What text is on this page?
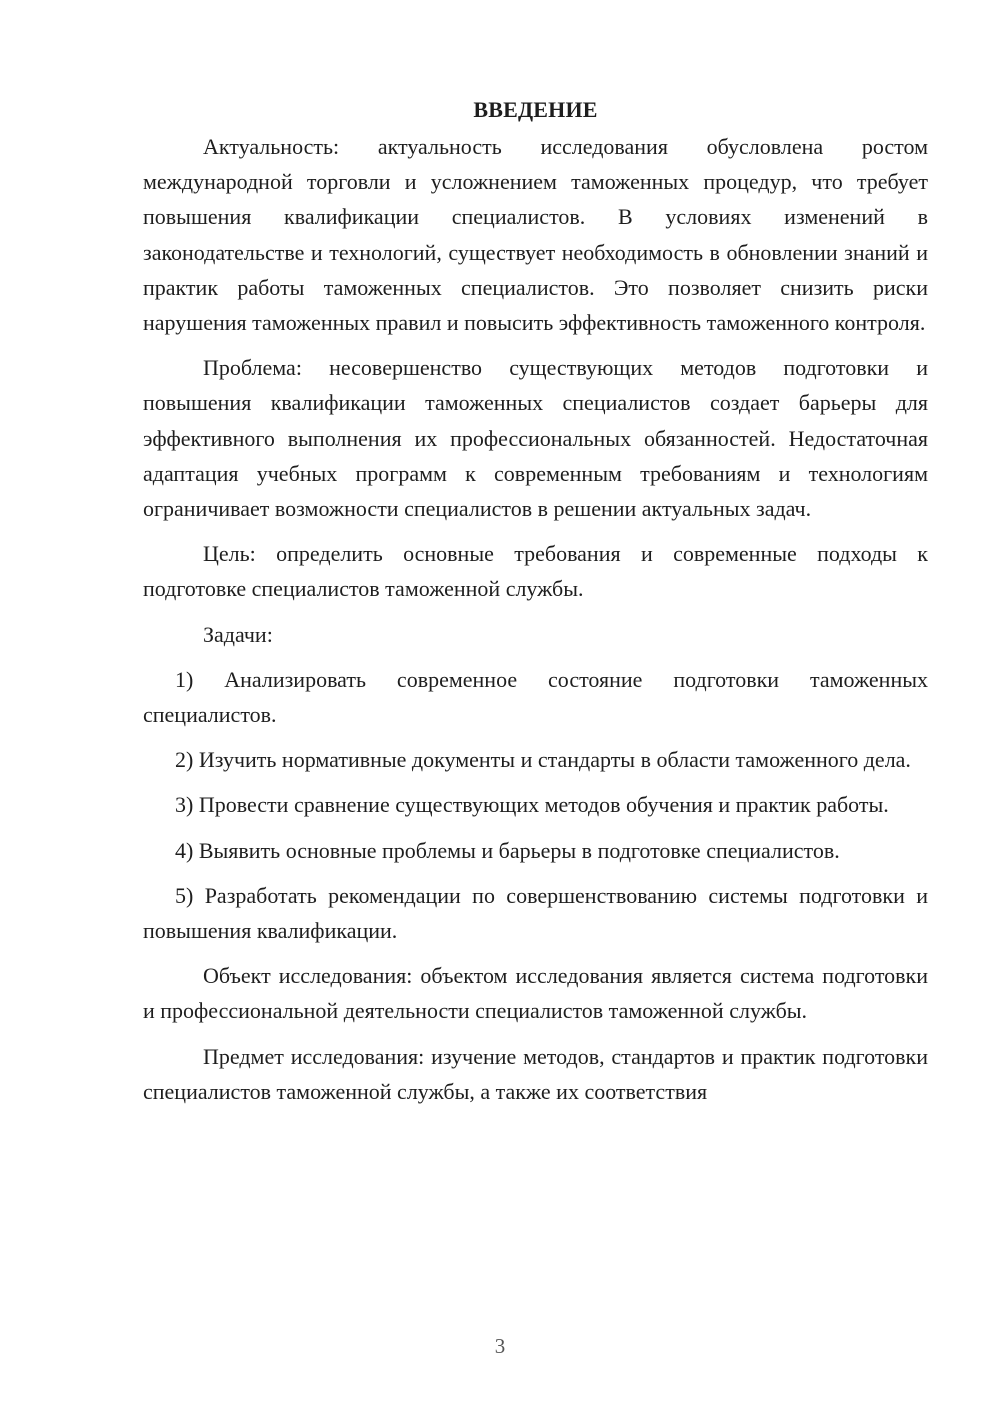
ВВЕДЕНИЕ

Актуальность: актуальность исследования обусловлена ростом международной торговли и усложнением таможенных процедур, что требует повышения квалификации специалистов. В условиях изменений в законодательстве и технологий, существует необходимость в обновлении знаний и практик работы таможенных специалистов. Это позволяет снизить риски нарушения таможенных правил и повысить эффективность таможенного контроля.

Проблема: несовершенство существующих методов подготовки и повышения квалификации таможенных специалистов создает барьеры для эффективного выполнения их профессиональных обязанностей. Недостаточная адаптация учебных программ к современным требованиям и технологиям ограничивает возможности специалистов в решении актуальных задач.

Цель: определить основные требования и современные подходы к подготовке специалистов таможенной службы.

Задачи:

1) Анализировать современное состояние подготовки таможенных специалистов.

2) Изучить нормативные документы и стандарты в области таможенного дела.

3) Провести сравнение существующих методов обучения и практик работы.

4) Выявить основные проблемы и барьеры в подготовке специалистов.

5) Разработать рекомендации по совершенствованию системы подготовки и повышения квалификации.

Объект исследования: объектом исследования является система подготовки и профессиональной деятельности специалистов таможенной службы.

Предмет исследования: изучение методов, стандартов и практик подготовки специалистов таможенной службы, а также их соответствия

3
